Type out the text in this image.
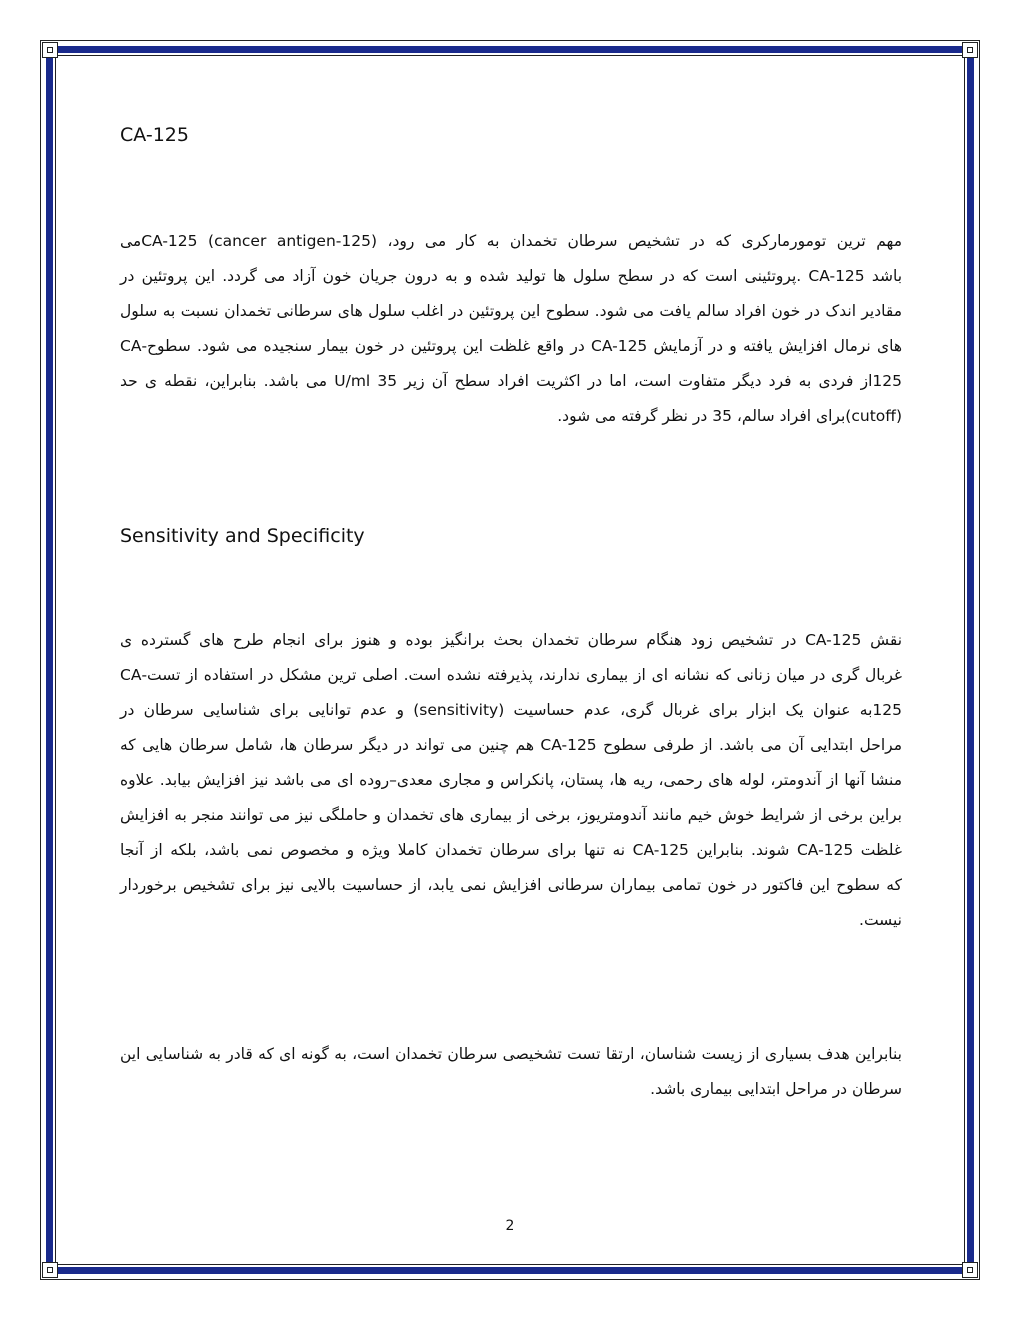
CA-125
مهم ترین تومورمارکری که در تشخیص سرطان تخمدان به کار می رود، CA-125 (cancer antigen-125)می
باشد CA-125 .پروتئینی است که در سطح سلول ها تولید شده و به درون جریان خون آزاد می گردد. این پروتئین در
مقادیر اندک در خون افراد سالم یافت می شود. سطوح این پروتئین در اغلب سلول های سرطانی تخمدان نسبت به سلول
های نرمال افزایش یافته و در آزمایش CA-125 در واقع غلظت این پروتئین در خون بیمار سنجیده می شود. سطوح-CA
125از فردی به فرد دیگر متفاوت است، اما در اکثریت افراد سطح آن زیر 35 U/ml می باشد. بنابراین، نقطه ی حد
(cutoff)برای افراد سالم، 35 در نظر گرفته می شود.
Sensitivity and Specificity
نقش CA-125 در تشخیص زود هنگام سرطان تخمدان بحث برانگیز بوده و هنوز برای انجام طرح های گسترده ی
غربال گری در میان زنانی که نشانه ای از بیماری ندارند، پذیرفته نشده است. اصلی ترین مشکل در استفاده از تست-CA
125به عنوان یک ابزار برای غربال گری، عدم حساسیت (sensitivity) و عدم توانایی برای شناسایی سرطان در
مراحل ابتدایی آن می باشد. از طرفی سطوح CA-125 هم چنین می تواند در دیگر سرطان ها، شامل سرطان هایی که
منشا آنها از آندومتر، لوله های رحمی، ریه ها، پستان، پانکراس و مجاری معدی–روده ای می باشد نیز افزایش بیابد. علاوه
براین برخی از شرایط خوش خیم مانند آندومتریوز، برخی از بیماری های تخمدان و حاملگی نیز می توانند منجر به افزایش
غلظت CA-125 شوند. بنابراین CA-125 نه تنها برای سرطان تخمدان کاملا ویژه و مخصوص نمی باشد، بلکه از آنجا
که سطوح این فاکتور در خون تمامی بیماران سرطانی افزایش نمی یابد، از حساسیت بالایی نیز برای تشخیص برخوردار
نیست.
بنابراین هدف بسیاری از زیست شناسان، ارتقا تست تشخیصی سرطان تخمدان است، به گونه ای که قادر به شناسایی این
سرطان در مراحل ابتدایی بیماری باشد.
2
